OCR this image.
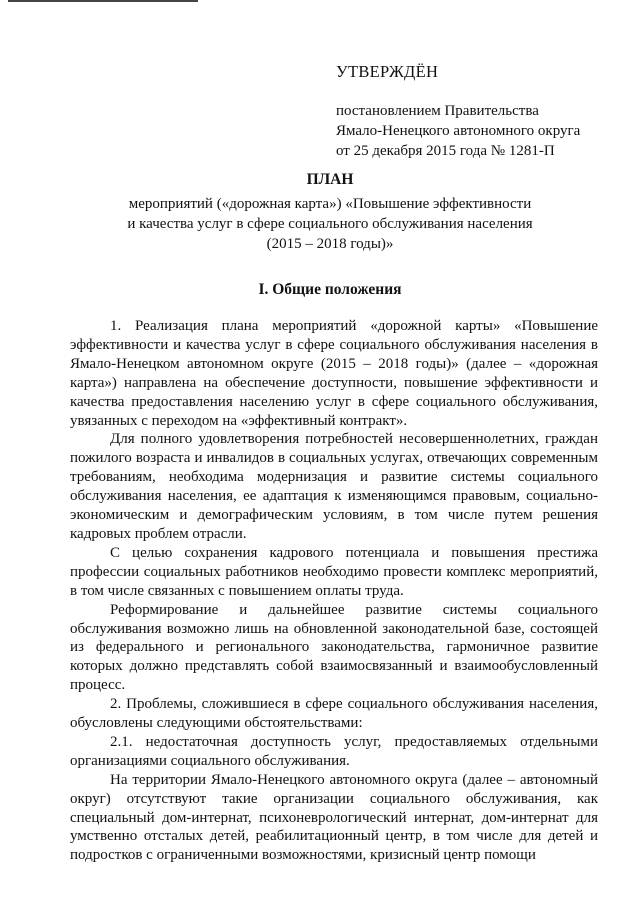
УТВЕРЖДЁН
постановлением Правительства
Ямало-Ненецкого автономного округа
от 25 декабря 2015 года № 1281-П
ПЛАН
мероприятий («дорожная карта») «Повышение эффективности
и качества услуг в сфере социального обслуживания населения
(2015 – 2018 годы)»
I. Общие положения

1. Реализация плана мероприятий «дорожной карты» «Повышение эффективности и качества услуг в сфере социального обслуживания населения в Ямало-Ненецком автономном округе (2015 – 2018 годы)» (далее – «дорожная карта») направлена на обеспечение доступности, повышение эффективности и качества предоставления населению услуг в сфере социального обслуживания, увязанных с переходом на «эффективный контракт».

Для полного удовлетворения потребностей несовершеннолетних, граждан пожилого возраста и инвалидов в социальных услугах, отвечающих современным требованиям, необходима модернизация и развитие системы социального обслуживания населения, ее адаптация к изменяющимся правовым, социально-экономическим и демографическим условиям, в том числе путем решения кадровых проблем отрасли.

С целью сохранения кадрового потенциала и повышения престижа профессии социальных работников необходимо провести комплекс мероприятий, в том числе связанных с повышением оплаты труда.

Реформирование и дальнейшее развитие системы социального обслуживания возможно лишь на обновленной законодательной базе, состоящей из федерального и регионального законодательства, гармоничное развитие которых должно представлять собой взаимосвязанный и взаимообусловленный процесс.

2. Проблемы, сложившиеся в сфере социального обслуживания населения, обусловлены следующими обстоятельствами:

2.1. недостаточная доступность услуг, предоставляемых отдельными организациями социального обслуживания.

На территории Ямало-Ненецкого автономного округа (далее – автономный округ) отсутствуют такие организации социального обслуживания, как специальный дом-интернат, психоневрологический интернат, дом-интернат для умственно отсталых детей, реабилитационный центр, в том числе для детей и подростков с ограниченными возможностями, кризисный центр помощи
